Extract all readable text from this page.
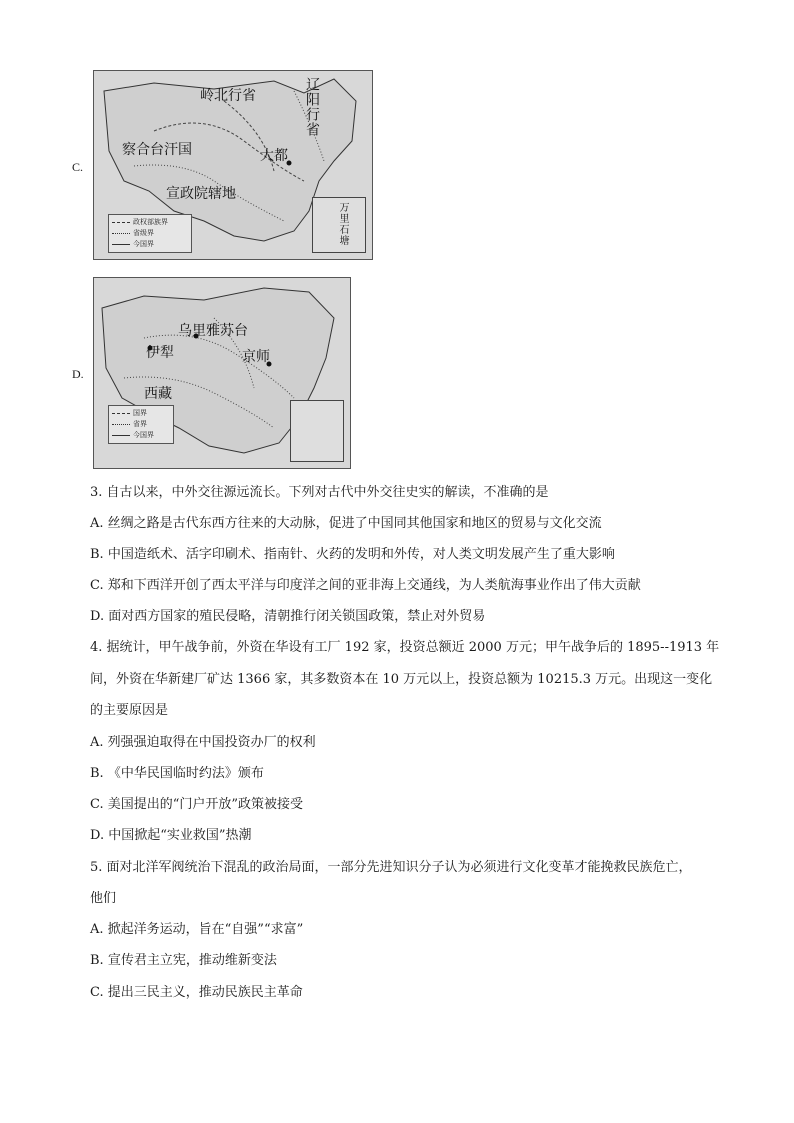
C.
岭北行省	辽阳行省
察合台汗国
宣政院辖地
大都
政权部族界
省级界
今国界	万里石塘
D.
乌里雅苏台
伊犁	京师
西藏
国界
省界
今国界
3. 自古以来，中外交往源远流长。下列对古代中外交往史实的解读，不准确的是
A. 丝绸之路是古代东西方往来的大动脉，促进了中国同其他国家和地区的贸易与文化交流
B. 中国造纸术、活字印刷术、指南针、火药的发明和外传，对人类文明发展产生了重大影响
C. 郑和下西洋开创了西太平洋与印度洋之间的亚非海上交通线，为人类航海事业作出了伟大贡献
D. 面对西方国家的殖民侵略，清朝推行闭关锁国政策，禁止对外贸易
4. 据统计，甲午战争前，外资在华设有工厂 192 家，投资总额近 2000 万元；甲午战争后的 1895--1913 年
间，外资在华新建厂矿达 1366 家，其多数资本在 10 万元以上，投资总额为 10215.3 万元。出现这一变化
的主要原因是
A. 列强强迫取得在中国投资办厂的权利
B. 《中华民国临时约法》颁布
C. 美国提出的“门户开放”政策被接受
D. 中国掀起“实业救国”热潮
5. 面对北洋军阀统治下混乱的政治局面，一部分先进知识分子认为必须进行文化变革才能挽救民族危亡，
他们
A. 掀起洋务运动，旨在“自强”“求富”
B. 宣传君主立宪，推动维新变法
C. 提出三民主义，推动民族民主革命
